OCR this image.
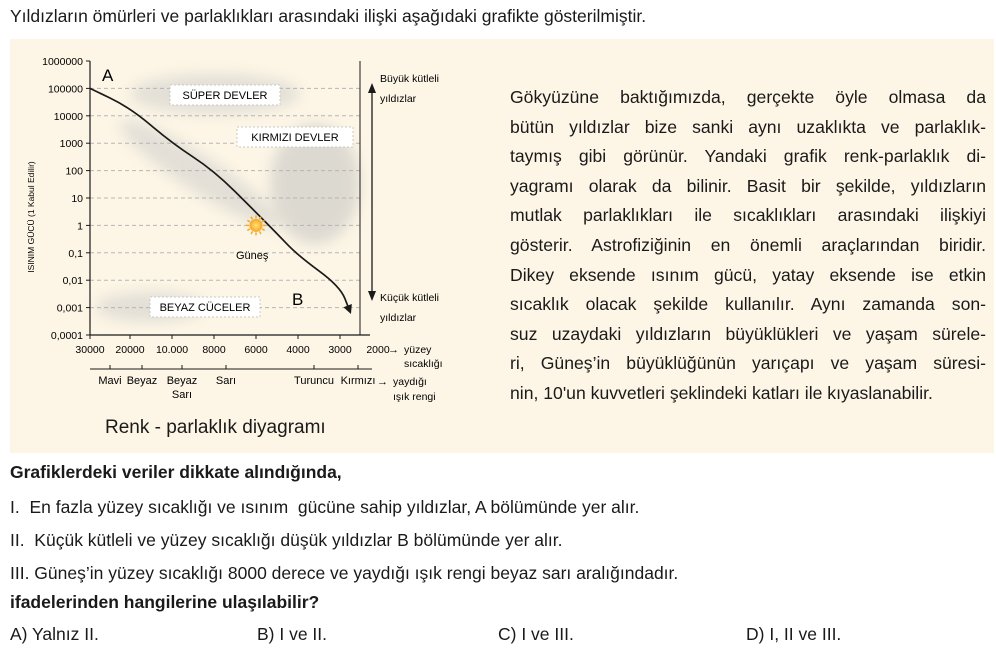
Yıldızların ömürleri ve parlaklıkları arasındaki ilişki aşağıdaki grafikte gösterilmiştir.
1000000
100000
10000
1000
100
10
1
0,1
0,01
0,001
0,0001
30000 20000 10.000 8000 6000 4000 3000 2000
ISINIM GÜCÜ (1 Kabul Edilir)
SÜPER DEVLER
KIRMIZI DEVLER
BEYAZ CÜCELER
A
B
Güneş
Büyük kütleli
yıldızlar
Küçük kütleli
yıldızlar
→ yüzey
sıcaklığı
Mavi Beyaz Beyaz Sarı	Turuncu Kırmızı
Sarı
→ yaydığı
ışık rengi
Renk - parlaklık diyagramı
Gökyüzüne baktığımızda, gerçekte öyle olmasa da
bütün yıldızlar bize sanki aynı uzaklıkta ve parlaklık-
taymış gibi görünür. Yandaki grafik renk-parlaklık di-
yagramı olarak da bilinir. Basit bir şekilde, yıldızların
mutlak parlaklıkları ile sıcaklıkları arasındaki ilişkiyi
gösterir. Astrofiziğinin en önemli araçlarından biridir.
Dikey eksende ısınım gücü, yatay eksende ise etkin
sıcaklık olacak şekilde kullanılır. Aynı zamanda son-
suz uzaydaki yıldızların büyüklükleri ve yaşam sürele-
ri, Güneş’in büyüklüğünün yarıçapı ve yaşam süresi-
nin, 10'un kuvvetleri şeklindeki katları ile kıyaslanabilir.
Grafiklerdeki veriler dikkate alındığında,
I.  En fazla yüzey sıcaklığı ve ısınım  gücüne sahip yıldızlar, A bölümünde yer alır.
II.  Küçük kütleli ve yüzey sıcaklığı düşük yıldızlar B bölümünde yer alır.
III. Güneş’in yüzey sıcaklığı 8000 derece ve yaydığı ışık rengi beyaz sarı aralığındadır.
ifadelerinden hangilerine ulaşılabilir?
A) Yalnız II.	B) I ve II.	C) I ve III.	D) I, II ve III.
